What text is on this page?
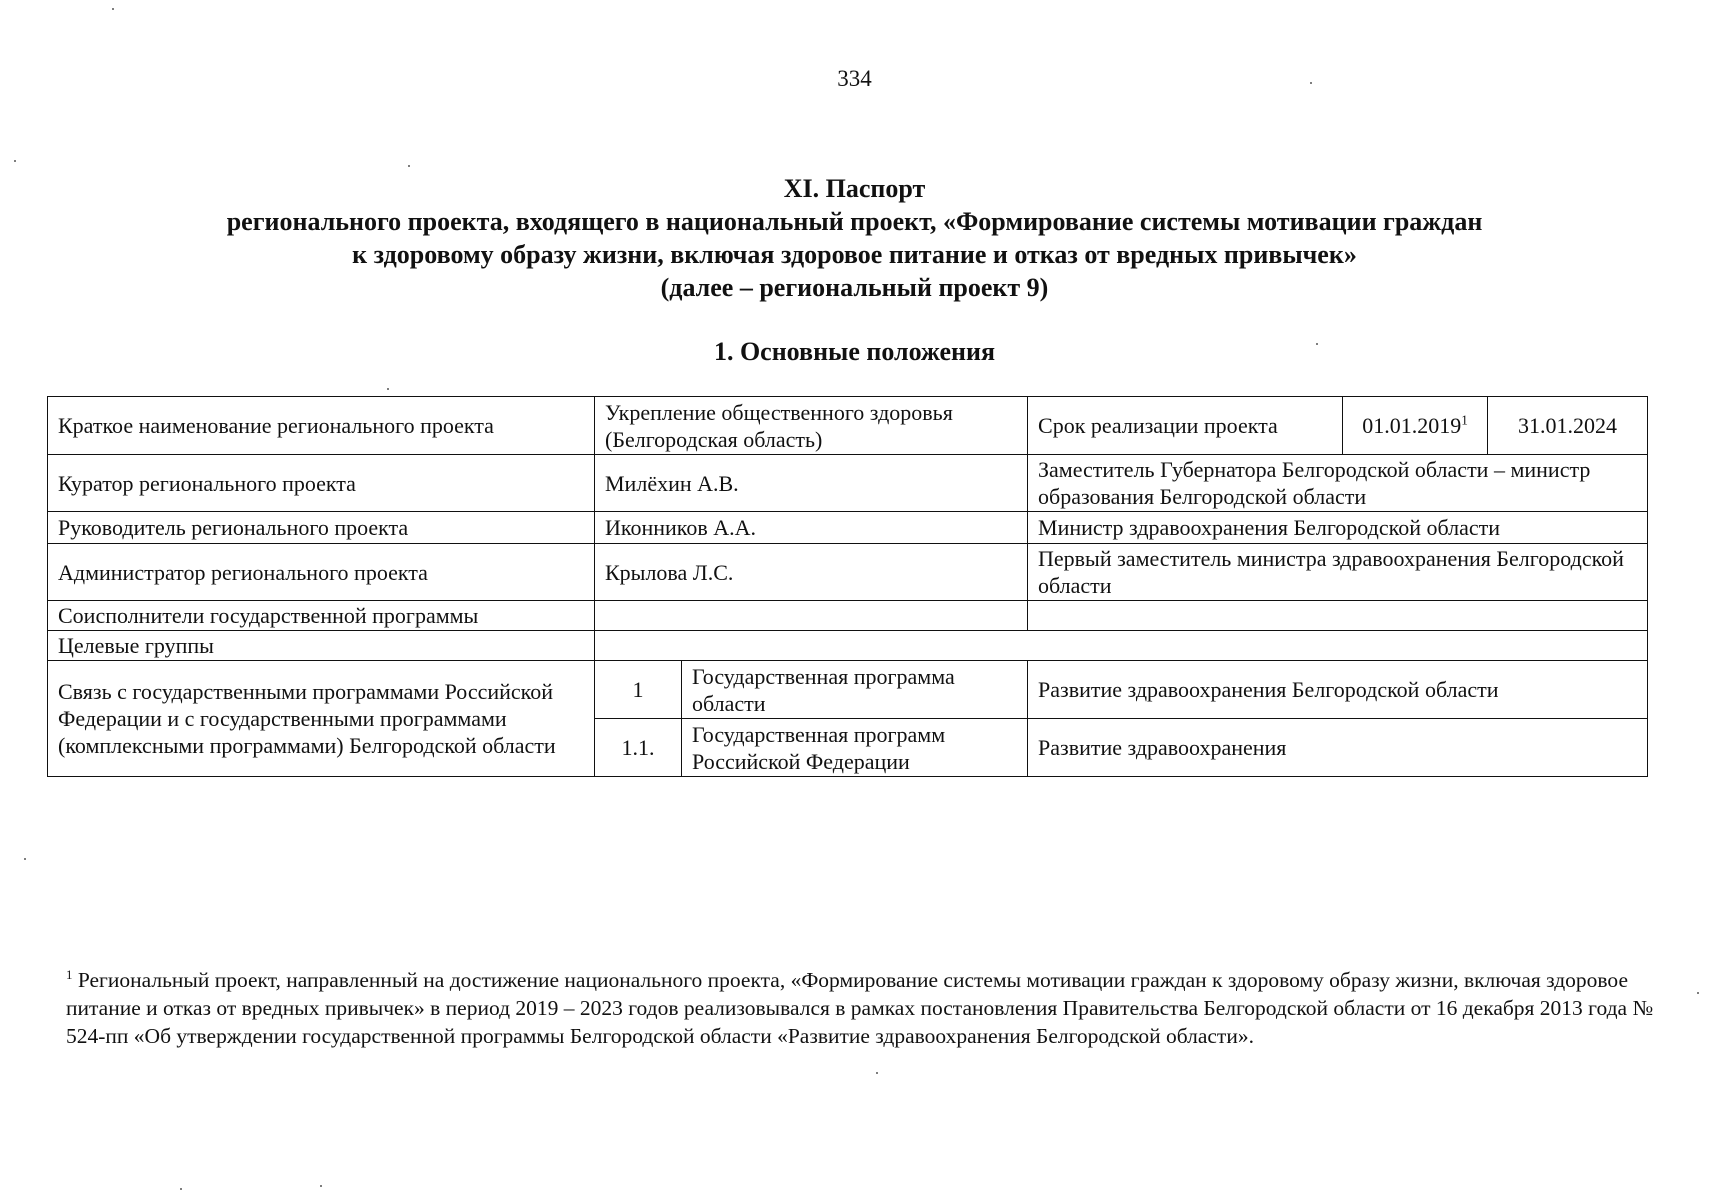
334
XI. Паспорт
регионального проекта, входящего в национальный проект, «Формирование системы мотивации граждан
к здоровому образу жизни, включая здоровое питание и отказ от вредных привычек»
(далее – региональный проект 9)
1. Основные положения
Краткое наименование регионального проекта	Укрепление общественного здоровья (Белгородская область)		Срок реализации проекта	01.01.2019$^1$	31.01.2024
Куратор регионального проекта	Милёхин А.В.		Заместитель Губернатора Белгородской области – министр образования Белгородской области		
Руководитель регионального проекта	Иконников А.А.		Министр здравоохранения Белгородской области		
Администратор регионального проекта	Крылова Л.С.		Первый заместитель министра здравоохранения Белгородской области		
Соисполнители государственной программы					
Целевые группы					
Связь с государственными программами Российской Федерации и с государственными программами (комплексными программами) Белгородской области	1	Государственная программа области	Развитие здравоохранения Белгородской области		
	1.1.	Государственная программ Российской Федерации	Развитие здравоохранения		
$^1$ Региональный проект, направленный на достижение национального проекта, «Формирование системы мотивации граждан к здоровому образу жизни, включая здоровое питание и отказ от вредных привычек» в период 2019 – 2023 годов реализовывался в рамках постановления Правительства Белгородской области от 16 декабря 2013 года № 524-пп «Об утверждении государственной программы Белгородской области «Развитие здравоохранения Белгородской области».
